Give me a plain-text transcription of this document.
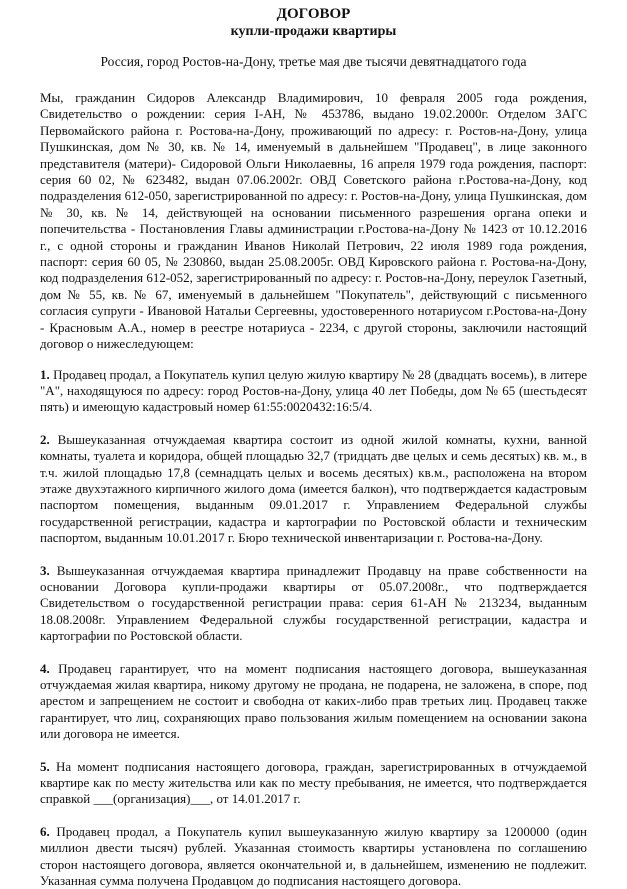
ДОГОВОР
купли-продажи квартиры
Россия, город Ростов-на-Дону, третье мая две тысячи девятнадцатого года

Мы, гражданин Сидоров Александр Владимирович, 10 февраля 2005 года рождения, Свидетельство о рождении: серия I-АН, № 453786, выдано 19.02.2000г. Отделом ЗАГС Первомайского района г. Ростова-на-Дону, проживающий по адресу: г. Ростов-на-Дону, улица Пушкинская, дом № 30, кв. № 14, именуемый в дальнейшем "Продавец", в лице законного представителя (матери)- Сидоровой Ольги Николаевны, 16 апреля 1979 года рождения, паспорт: серия 60 02, № 623482, выдан 07.06.2002г. ОВД Советского района г.Ростова-на-Дону, код подразделения 612-050, зарегистрированной по адресу: г. Ростов-на-Дону, улица Пушкинская, дом № 30, кв. № 14, действующей на основании письменного разрешения органа опеки и попечительства - Постановления Главы администрации г.Ростова-на-Дону № 1423 от 10.12.2016 г., с одной стороны и гражданин Иванов Николай Петрович, 22 июля 1989 года рождения, паспорт: серия 60 05, № 230860, выдан 25.08.2005г. ОВД Кировского района г. Ростова-на-Дону, код подразделения 612-052, зарегистрированный по адресу: г. Ростов-на-Дону, переулок Газетный, дом № 55, кв. № 67, именуемый в дальнейшем "Покупатель", действующий с письменного согласия супруги - Ивановой Натальи Сергеевны, удостоверенного нотариусом г.Ростова-на-Дону - Красновым А.А., номер в реестре нотариуса - 2234, с другой стороны, заключили настоящий договор о нижеследующем:

1. Продавец продал, а Покупатель купил целую жилую квартиру № 28 (двадцать восемь), в литере "А", находящуюся по адресу: город Ростов-на-Дону, улица 40 лет Победы, дом № 65 (шестьдесят пять) и имеющую кадастровый номер 61:55:0020432:16:5/4.

2. Вышеуказанная отчуждаемая квартира состоит из одной жилой комнаты, кухни, ванной комнаты, туалета и коридора, общей площадью 32,7 (тридцать две целых и семь десятых) кв. м., в т.ч. жилой площадью 17,8 (семнадцать целых и восемь десятых) кв.м., расположена на втором этаже двухэтажного кирпичного жилого дома (имеется балкон), что подтверждается кадастровым паспортом помещения, выданным 09.01.2017 г. Управлением Федеральной службы государственной регистрации, кадастра и картографии по Ростовской области и техническим паспортом, выданным 10.01.2017 г. Бюро технической инвентаризации г. Ростова-на-Дону.

3. Вышеуказанная отчуждаемая квартира принадлежит Продавцу на праве собственности на основании Договора купли-продажи квартиры от 05.07.2008г., что подтверждается Свидетельством о государственной регистрации права: серия 61-АН № 213234, выданным 18.08.2008г. Управлением Федеральной службы государственной регистрации, кадастра и картографии по Ростовской области.

4. Продавец гарантирует, что на момент подписания настоящего договора, вышеуказанная отчуждаемая жилая квартира, никому другому не продана, не подарена, не заложена, в споре, под арестом и запрещением не состоит и свободна от каких-либо прав третьих лиц. Продавец также гарантирует, что лиц, сохраняющих право пользования жилым помещением на основании закона или договора не имеется.

5. На момент подписания настоящего договора, граждан, зарегистрированных в отчуждаемой квартире как по месту жительства или как по месту пребывания, не имеется, что подтверждается справкой ___(организация)___, от 14.01.2017 г.

6. Продавец продал, а Покупатель купил вышеуказанную жилую квартиру за 1200000 (один миллион двести тысяч) рублей. Указанная стоимость квартиры установлена по соглашению сторон настоящего договора, является окончательной и, в дальнейшем, изменению не подлежит. Указанная сумма получена Продавцом до подписания настоящего договора.
